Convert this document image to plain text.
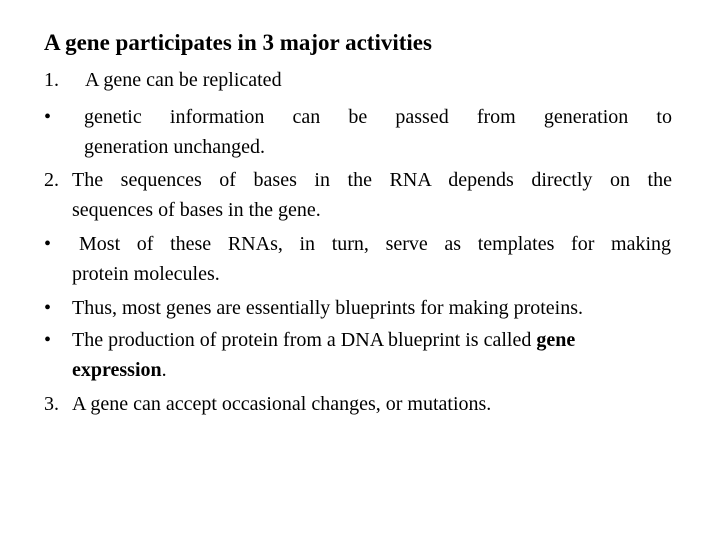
A gene participates in 3 major activities
1. A gene can be replicated
• genetic information can be passed from generation to
generation unchanged.
2. The sequences of bases in the RNA depends directly on the
sequences of bases in the gene.
• Most of these RNAs, in turn, serve as templates for making
protein molecules.
• Thus, most genes are essentially blueprints for making proteins.
• The production of protein from a DNA blueprint is called gene
expression.
3. A gene can accept occasional changes, or mutations.
